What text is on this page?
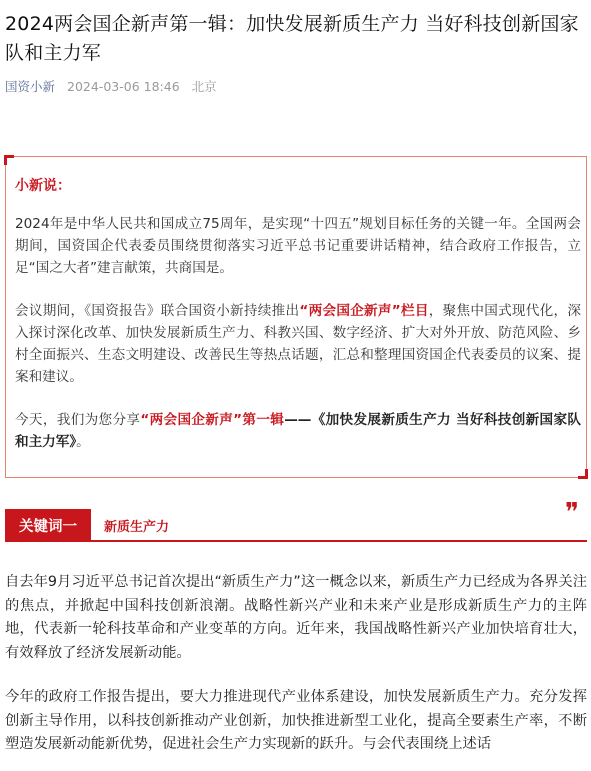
2024两会国企新声第一辑：加快发展新质生产力 当好科技创新国家队和主力军
国资小新 2024-03-06 18:46 北京
小新说：

2024年是中华人民共和国成立75周年，是实现“十四五”规划目标任务的关键一年。全国两会期间，国资国企代表委员围绕贯彻落实习近平总书记重要讲话精神，结合政府工作报告，立足“国之大者”建言献策，共商国是。

会议期间，《国资报告》联合国资小新持续推出“两会国企新声”栏目，聚焦中国式现代化，深入探讨深化改革、加快发展新质生产力、科教兴国、数字经济、扩大对外开放、防范风险、乡村全面振兴、生态文明建设、改善民生等热点话题，汇总和整理国资国企代表委员的议案、提案和建议。

今天，我们为您分享“两会国企新声”第一辑——《加快发展新质生产力 当好科技创新国家队和主力军》。

关键词一	新质生产力	❞

自去年9月习近平总书记首次提出“新质生产力”这一概念以来，新质生产力已经成为各界关注的焦点，并掀起中国科技创新浪潮。战略性新兴产业和未来产业是形成新质生产力的主阵地，代表新一轮科技革命和产业变革的方向。近年来，我国战略性新兴产业加快培育壮大，有效释放了经济发展新动能。

今年的政府工作报告提出，要大力推进现代产业体系建设，加快发展新质生产力。充分发挥创新主导作用，以科技创新推动产业创新，加快推进新型工业化，提高全要素生产率，不断塑造发展新动能新优势，促进社会生产力实现新的跃升。与会代表围绕上述话
